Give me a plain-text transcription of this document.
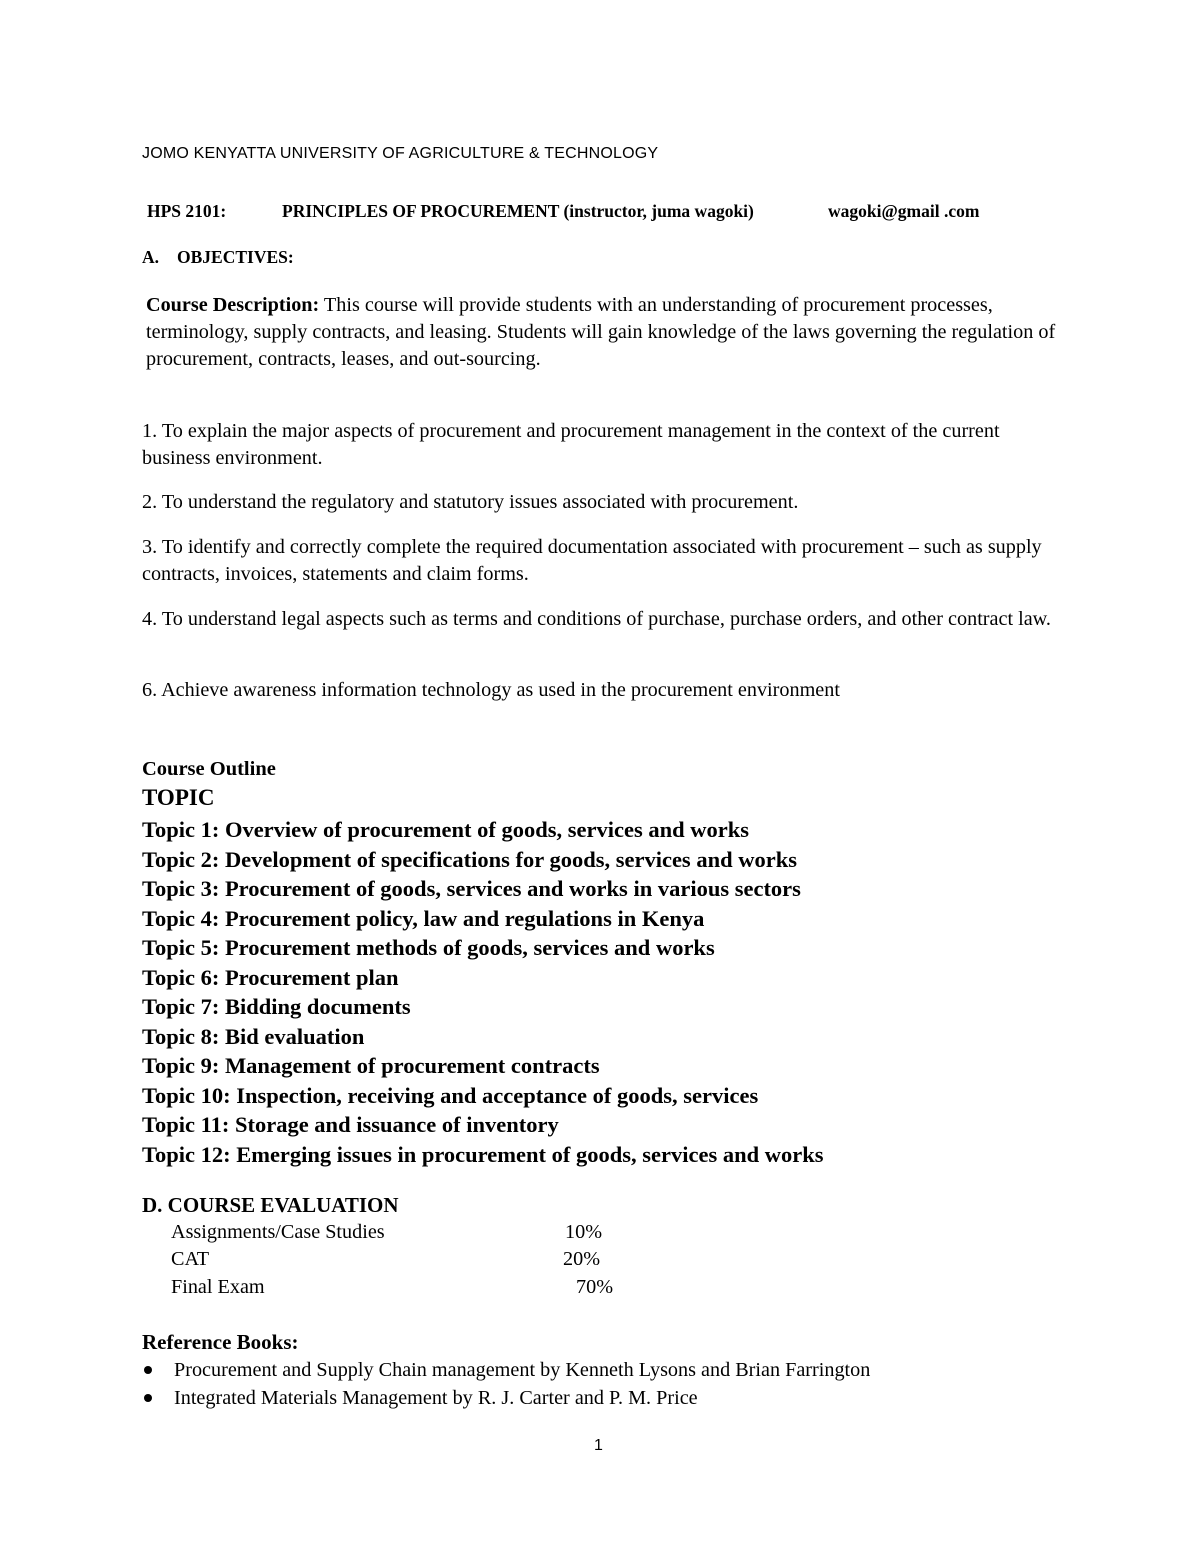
JOMO KENYATTA UNIVERSITY OF AGRICULTURE & TECHNOLOGY
HPS 2101:	PRINCIPLES OF PROCUREMENT (instructor, juma wagoki)	wagoki@gmail .com
A. OBJECTIVES:
Course Description: This course will provide students with an understanding of procurement processes, terminology, supply contracts, and leasing. Students will gain knowledge of the laws governing the regulation of procurement, contracts, leases, and out-sourcing.
1. To explain the major aspects of procurement and procurement management in the context of the current business environment.
2. To understand the regulatory and statutory issues associated with procurement.
3. To identify and correctly complete the required documentation associated with procurement – such as supply contracts, invoices, statements and claim forms.
4. To understand legal aspects such as terms and conditions of purchase, purchase orders, and other contract law.
6. Achieve awareness information technology as used in the procurement environment
Course Outline
TOPIC
Topic 1: Overview of procurement of goods, services and works
Topic 2: Development of specifications for goods, services and works
Topic 3: Procurement of goods, services and works in various sectors
Topic 4: Procurement policy, law and regulations in Kenya
Topic 5: Procurement methods of goods, services and works
Topic 6: Procurement plan
Topic 7: Bidding documents
Topic 8: Bid evaluation
Topic 9: Management of procurement contracts
Topic 10: Inspection, receiving and acceptance of goods, services
Topic 11: Storage and issuance of inventory
Topic 12: Emerging issues in procurement of goods, services and works
D. COURSE EVALUATION
Assignments/Case Studies	10%
CAT	20%
Final Exam	70%
Reference Books:
Procurement and Supply Chain management by Kenneth Lysons and Brian Farrington
Integrated Materials Management by R. J. Carter and P. M. Price
1
